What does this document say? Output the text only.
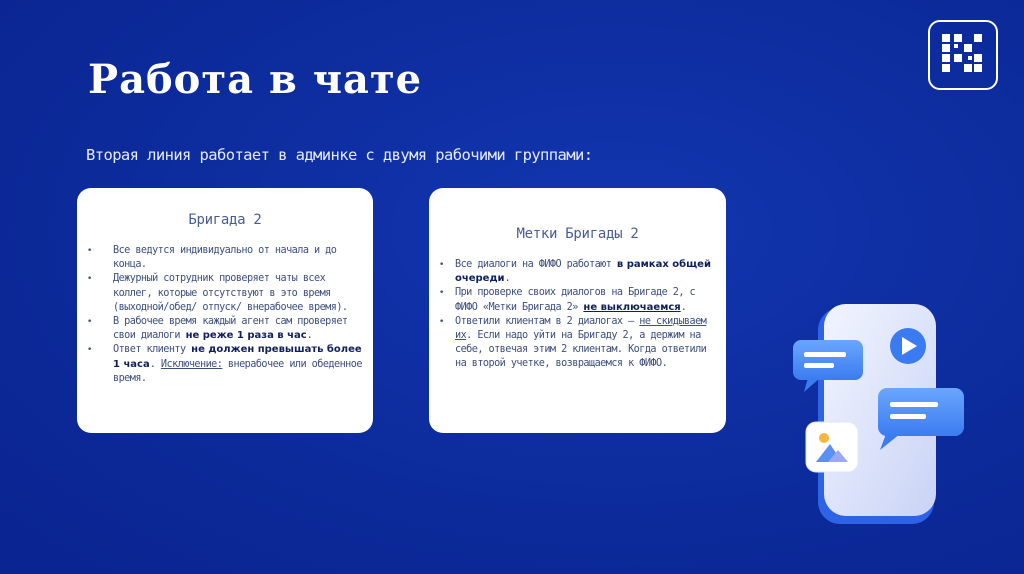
Работа в чате
Вторая линия работает в админке с двумя рабочими группами:
Бригада 2
• Все ведутся индивидуально от начала и до конца.
• Дежурный сотрудник проверяет чаты всех коллег, которые отсутствуют в это время (выходной/обед/ отпуск/ внерабочее время).
• В рабочее время каждый агент сам проверяет свои диалоги не реже 1 раза в час.
• Ответ клиенту не должен превышать более 1 часа. Исключение: внерабочее или обеденное время.
Метки Бригады 2
• Все диалоги на ФИФО работают в рамках общей очереди.
• При проверке своих диалогов на Бригаде 2, с ФИФО «Метки Бригада 2» не выключаемся.
• Ответили клиентам в 2 диалогах – не скидываем их. Если надо уйти на Бригаду 2, а держим на себе, отвечая этим 2 клиентам. Когда ответили на второй учетке, возвращаемся к ФИФО.
